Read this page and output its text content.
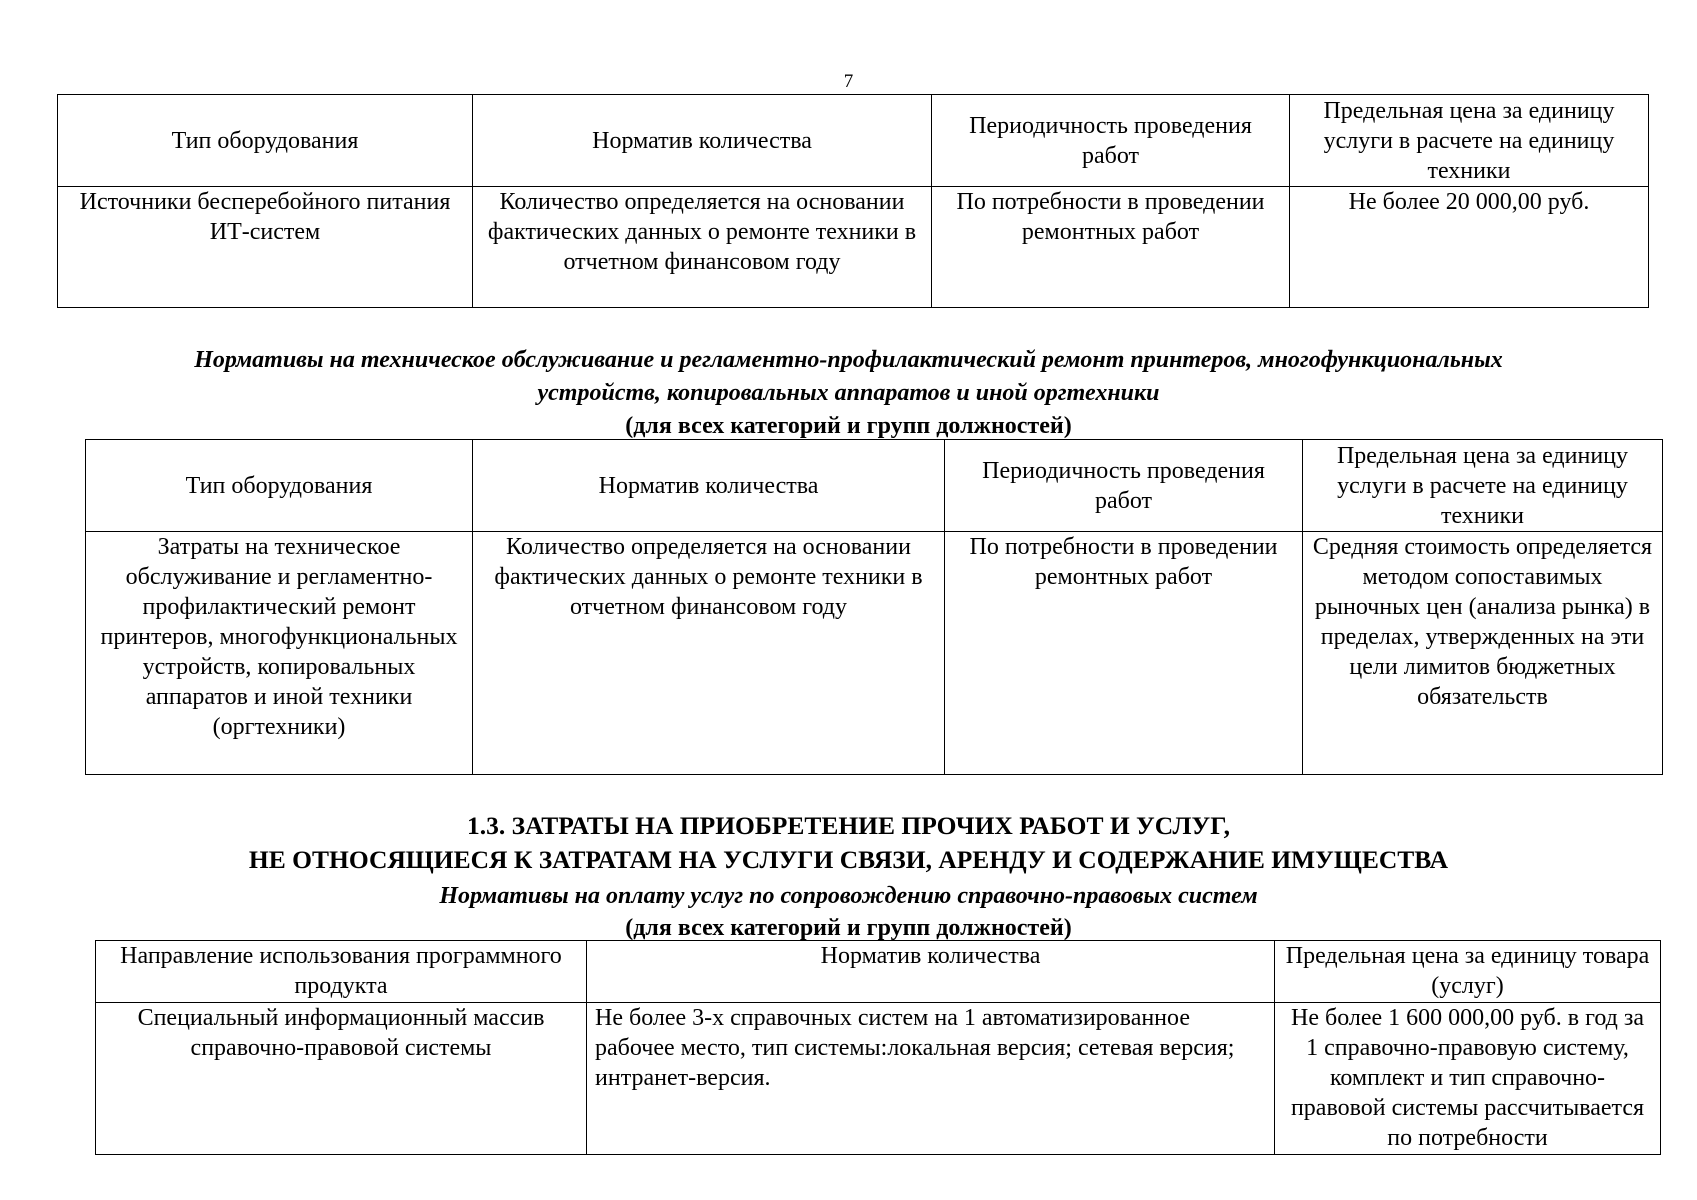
7
Тип оборудования	Норматив количества	Периодичность проведения работ	Предельная цена за единицу услуги в расчете на единицу техники
Источники бесперебойного питания ИТ-систем	Количество определяется на основании фактических данных о ремонте техники в отчетном финансовом году	По потребности в проведении ремонтных работ	Не более 20 000,00 руб.
Нормативы на техническое обслуживание и регламентно-профилактический ремонт принтеров, многофункциональных
устройств, копировальных аппаратов и иной оргтехники
(для всех категорий и групп должностей)
Тип оборудования	Норматив количества	Периодичность проведения работ	Предельная цена за единицу услуги в расчете на единицу техники
Затраты на техническое обслуживание и регламентно-профилактический ремонт принтеров, многофункциональных устройств, копировальных аппаратов и иной техники (оргтехники)	Количество определяется на основании фактических данных о ремонте техники в отчетном финансовом году	По потребности в проведении ремонтных работ	Средняя стоимость определяется методом сопоставимых рыночных цен (анализа рынка) в пределах, утвержденных на эти цели лимитов бюджетных обязательств
1.3. ЗАТРАТЫ НА ПРИОБРЕТЕНИЕ ПРОЧИХ РАБОТ И УСЛУГ,
НЕ ОТНОСЯЩИЕСЯ К ЗАТРАТАМ НА УСЛУГИ СВЯЗИ, АРЕНДУ И СОДЕРЖАНИЕ ИМУЩЕСТВА
Нормативы на оплату услуг по сопровождению справочно-правовых систем
(для всех категорий и групп должностей)
Направление использования программного продукта	Норматив количества	Предельная цена за единицу товара (услуг)
Специальный информационный массив справочно-правовой системы	Не более 3-х справочных систем на 1 автоматизированное рабочее место, тип системы:локальная версия; сетевая версия; интранет-версия.	Не более 1 600 000,00 руб. в год за 1 справочно-правовую систему, комплект и тип справочно-правовой системы рассчитывается по потребности
